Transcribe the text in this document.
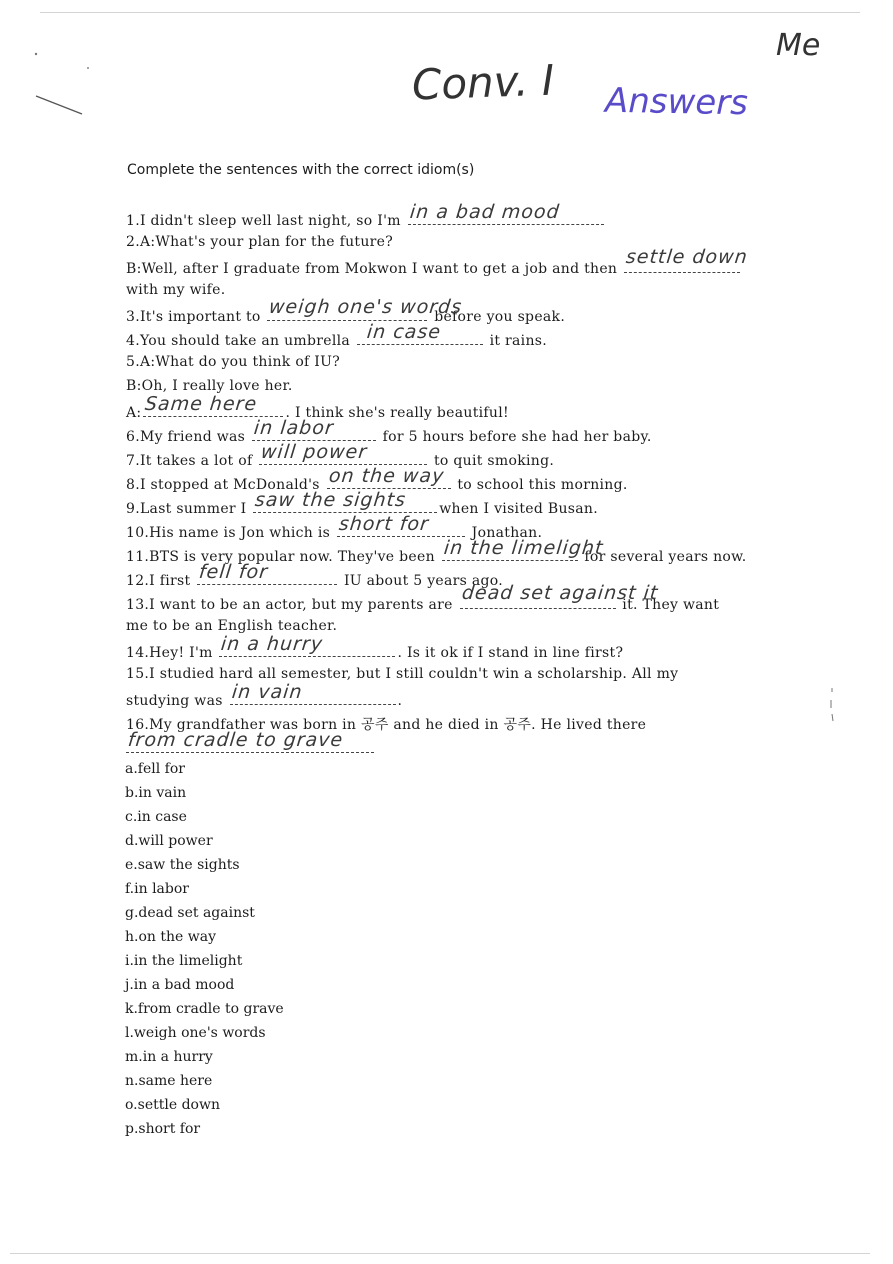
Conv. I
Me
Answers
Complete the sentences with the correct idiom(s)
1.I didn't sleep well last night, so I'm in a bad mood
2.A:What's your plan for the future?
B:Well, after I graduate from Mokwon I want to get a job and then
settle down
with my wife.
3.It's important to weigh one's words
before you speak.
4.You should take an umbrella in case	it rains.
5.A:What do you think of IU?
B:Oh, I really love her.
A: Same here . I think she's really beautiful!
6.My friend was in labor	for 5 hours before she had her baby.
7.It takes a lot of will power	to quit smoking.
8.I stopped at McDonald's on the way to school this morning.
9.Last summer I saw the sights when I visited Busan.
10.His name is Jon which is short for	Jonathan.
11.BTS is very popular now. They've been in the limelight
for several years now.
12.I first fell for	IU about 5 years ago.
13.I want to be an actor, but my parents are
dead set against it
it. They want
me to be an English teacher.
14.Hey! I'm in a hurry	. Is it ok if I stand in line first?
15.I studied hard all semester, but I still couldn't win a scholarship. All my
studying was in vain	.
16.My grandfather was born in 공주 and he died in 공주. He lived there
from cradle to grave
a.fell for
b.in vain
c.in case
d.will power
e.saw the sights
f.in labor
g.dead set against
h.on the way
i.in the limelight
j.in a bad mood
k.from cradle to grave
l.weigh one's words
m.in a hurry
n.same here
o.settle down
p.short for
